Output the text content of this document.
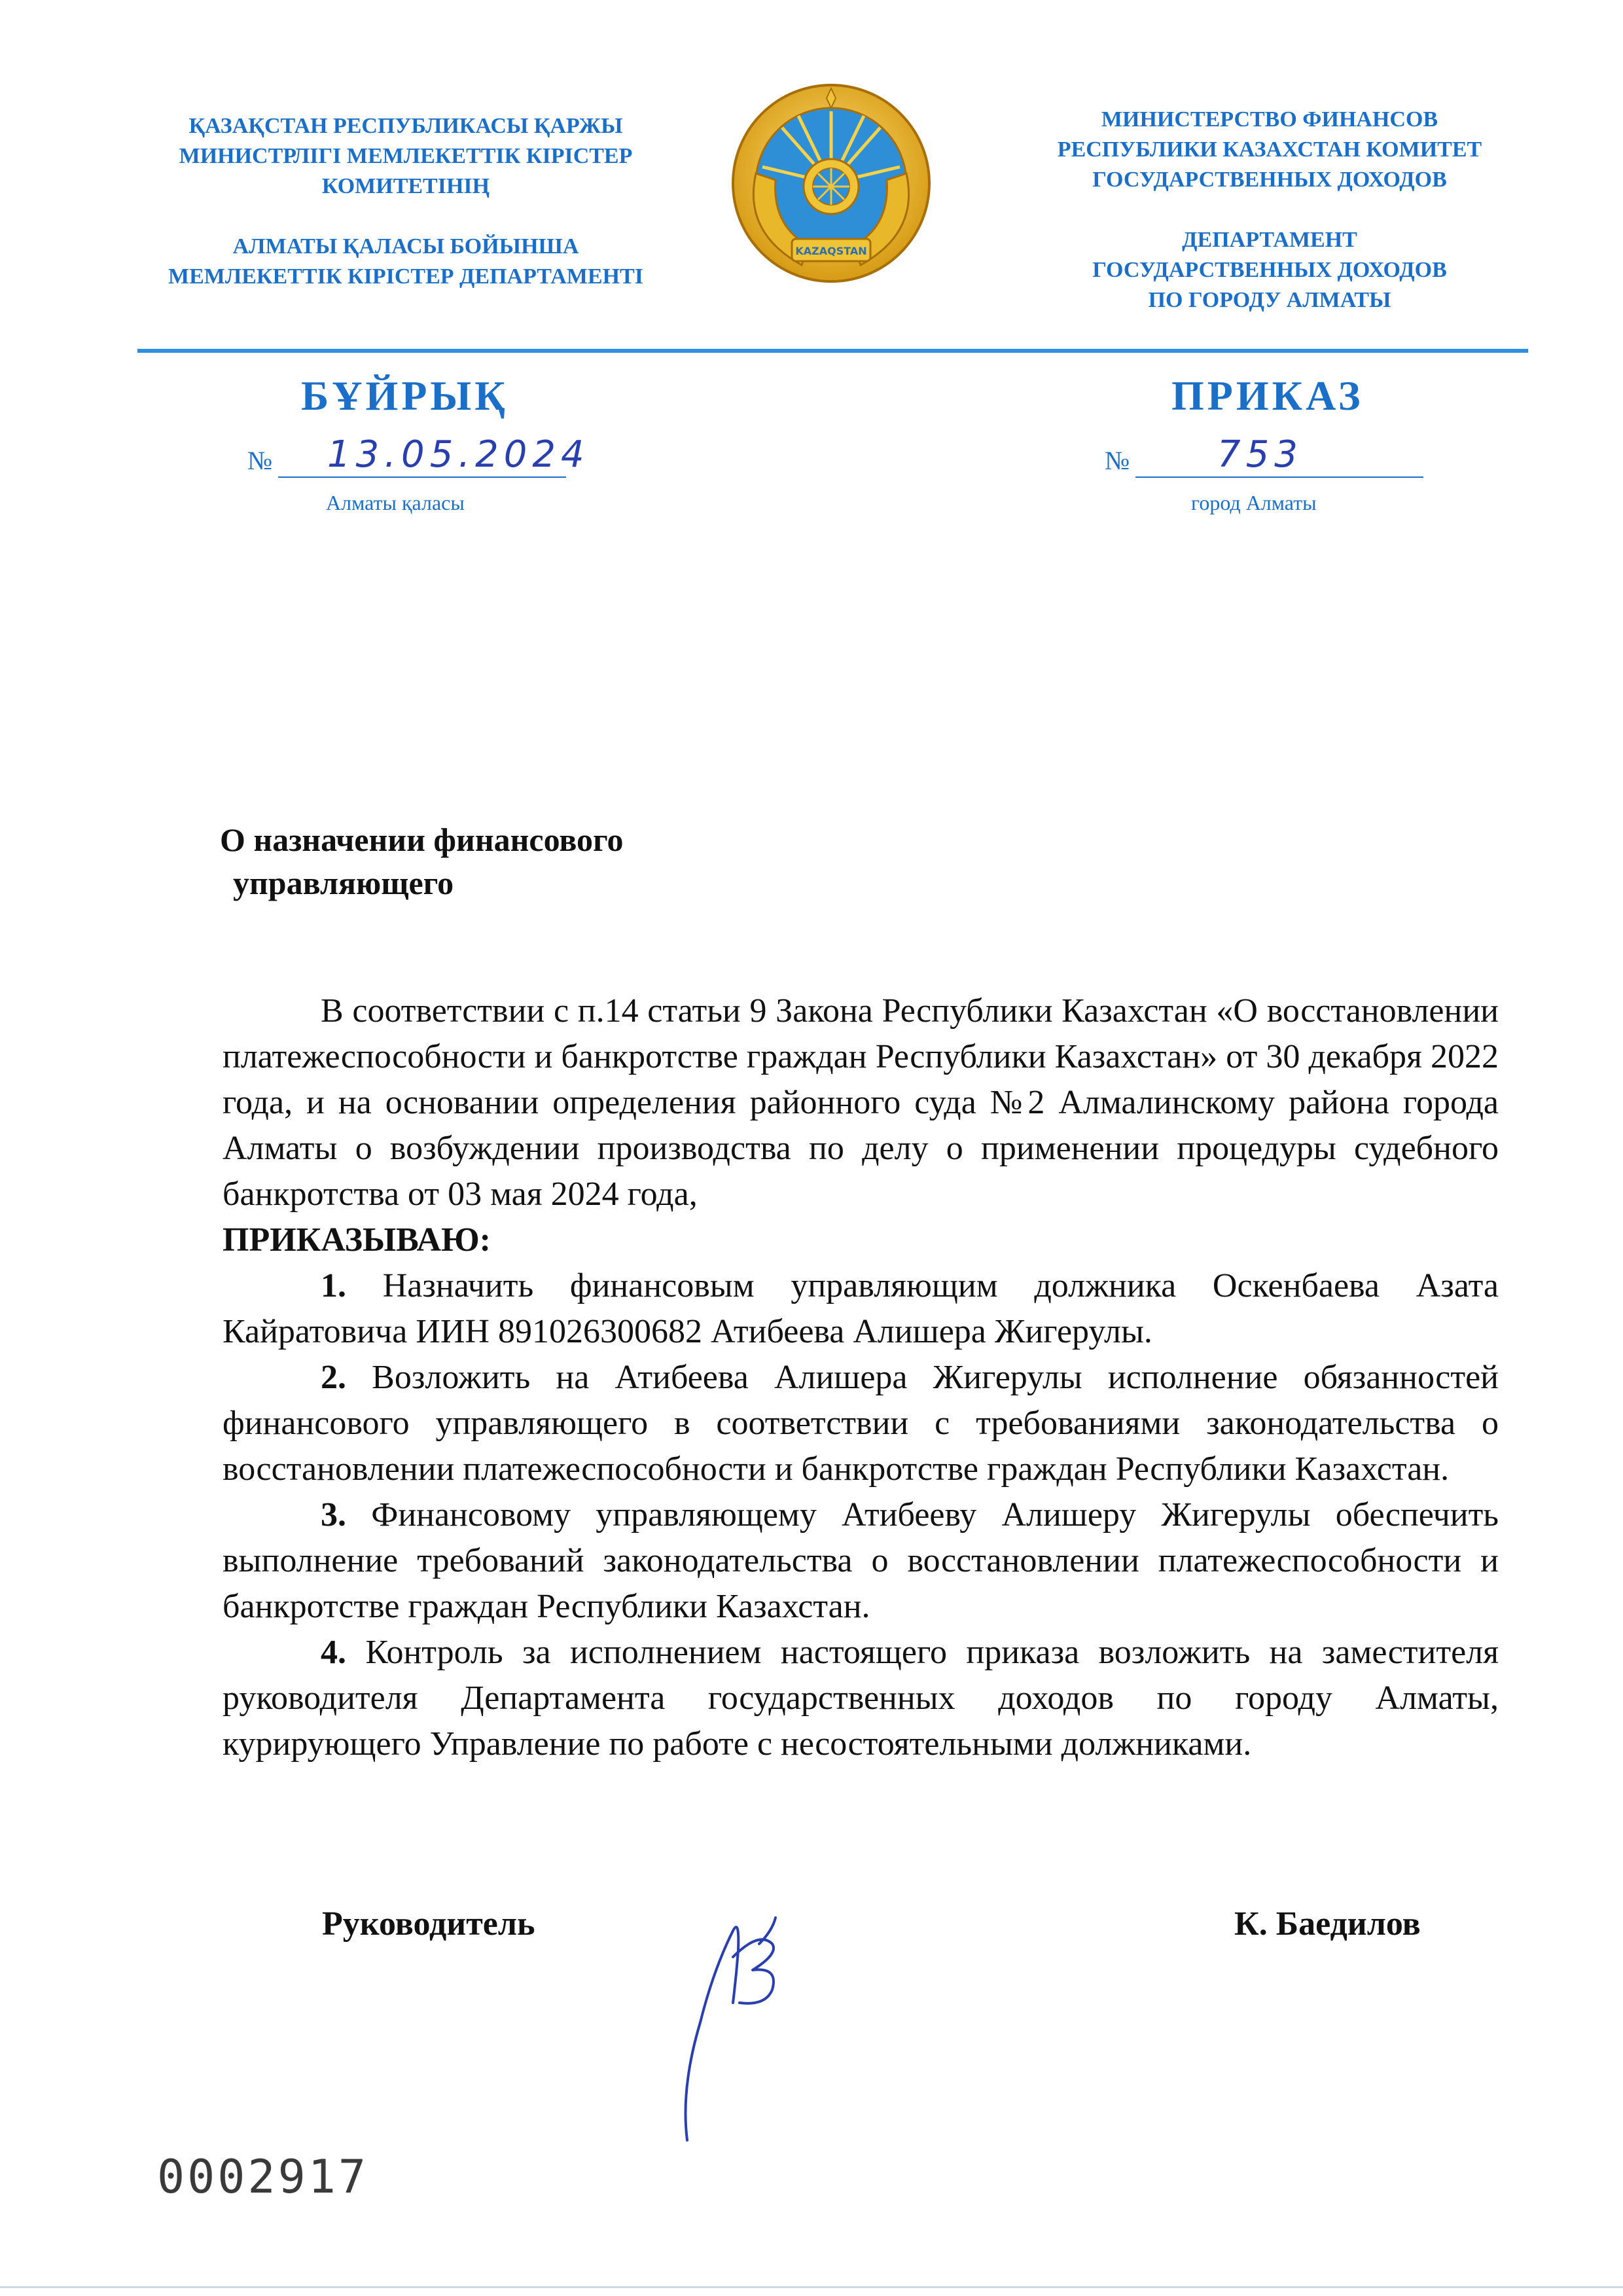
ҚАЗАҚСТАН РЕСПУБЛИКАСЫ ҚАРЖЫ
МИНИСТРЛІГІ МЕМЛЕКЕТТІК КІРІСТЕР
КОМИТЕТІНІҢ
АЛМАТЫ ҚАЛАСЫ БОЙЫНША
МЕМЛЕКЕТТІК КІРІСТЕР ДЕПАРТАМЕНТІ
KAZAQSTAN
МИНИСТЕРСТВО ФИНАНСОВ
РЕСПУБЛИКИ КАЗАХСТАН КОМИТЕТ
ГОСУДАРСТВЕННЫХ ДОХОДОВ
ДЕПАРТАМЕНТ
ГОСУДАРСТВЕННЫХ ДОХОДОВ
ПО ГОРОДУ АЛМАТЫ
БҰЙРЫҚ	ПРИКАЗ
№ 13.05.2024
Алматы қаласы
№ 753
город Алматы
О назначении финансового
управляющего

В соответствии с п.14 статьи 9 Закона Республики Казахстан «О восстановлении платежеспособности и банкротстве граждан Республики Казахстан» от 30 декабря 2022 года, и на основании определения районного суда №2 Алмалинскому района города Алматы о возбуждении производства по делу о применении процедуры судебного банкротства от 03 мая 2024 года,

ПРИКАЗЫВАЮ:

1. Назначить финансовым управляющим должника Оскенбаева Азата Кайратовича ИИН 891026300682 Атибеева Алишера Жигерулы.

2. Возложить на Атибеева Алишера Жигерулы исполнение обязанностей финансового управляющего в соответствии с требованиями законодательства о восстановлении платежеспособности и банкротстве граждан Республики Казахстан.

3. Финансовому управляющему Атибееву Алишеру Жигерулы обеспечить выполнение требований законодательства о восстановлении платежеспособности и банкротстве граждан Республики Казахстан.

4. Контроль за исполнением настоящего приказа возложить на заместителя руководителя Департамента государственных доходов по городу Алматы, курирующего Управление по работе с несостоятельными должниками.

Руководитель	К. Баедилов
0002917
